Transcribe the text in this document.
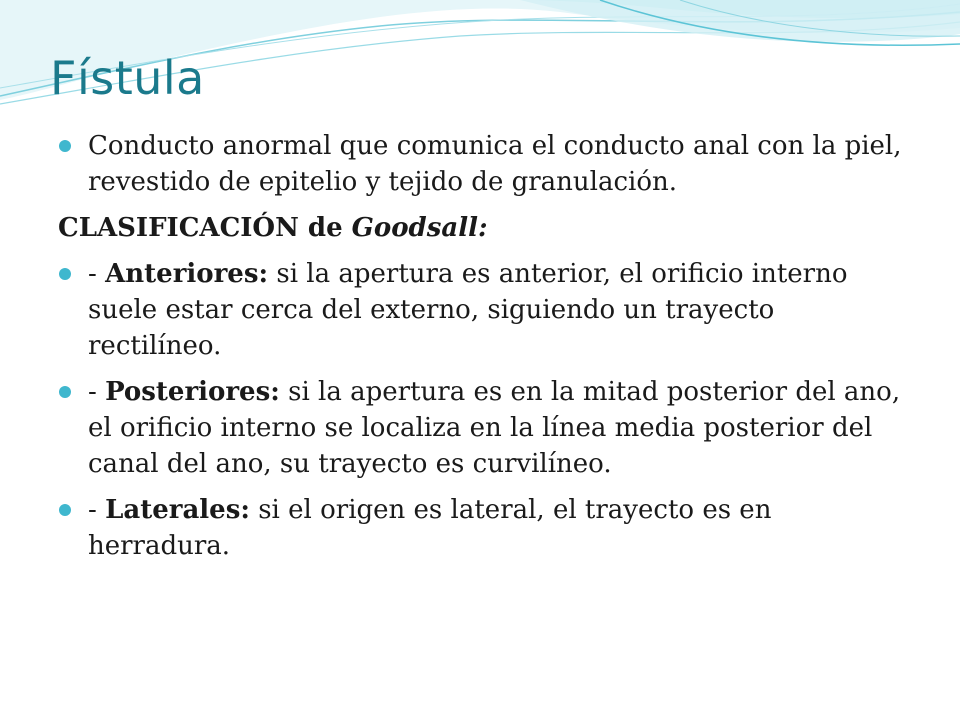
Fístula
Conducto anormal que comunica el conducto anal con la piel, revestido de epitelio y tejido de granulación.
CLASIFICACIÓN de Goodsall:
- Anteriores: si la apertura es anterior, el orificio interno suele estar cerca del externo, siguiendo un trayecto rectilíneo.
- Posteriores: si la apertura es en la mitad posterior del ano, el orificio interno se localiza en la línea media posterior del canal del ano, su trayecto es curvilíneo.
- Laterales: si el origen es lateral, el trayecto es en herradura.
